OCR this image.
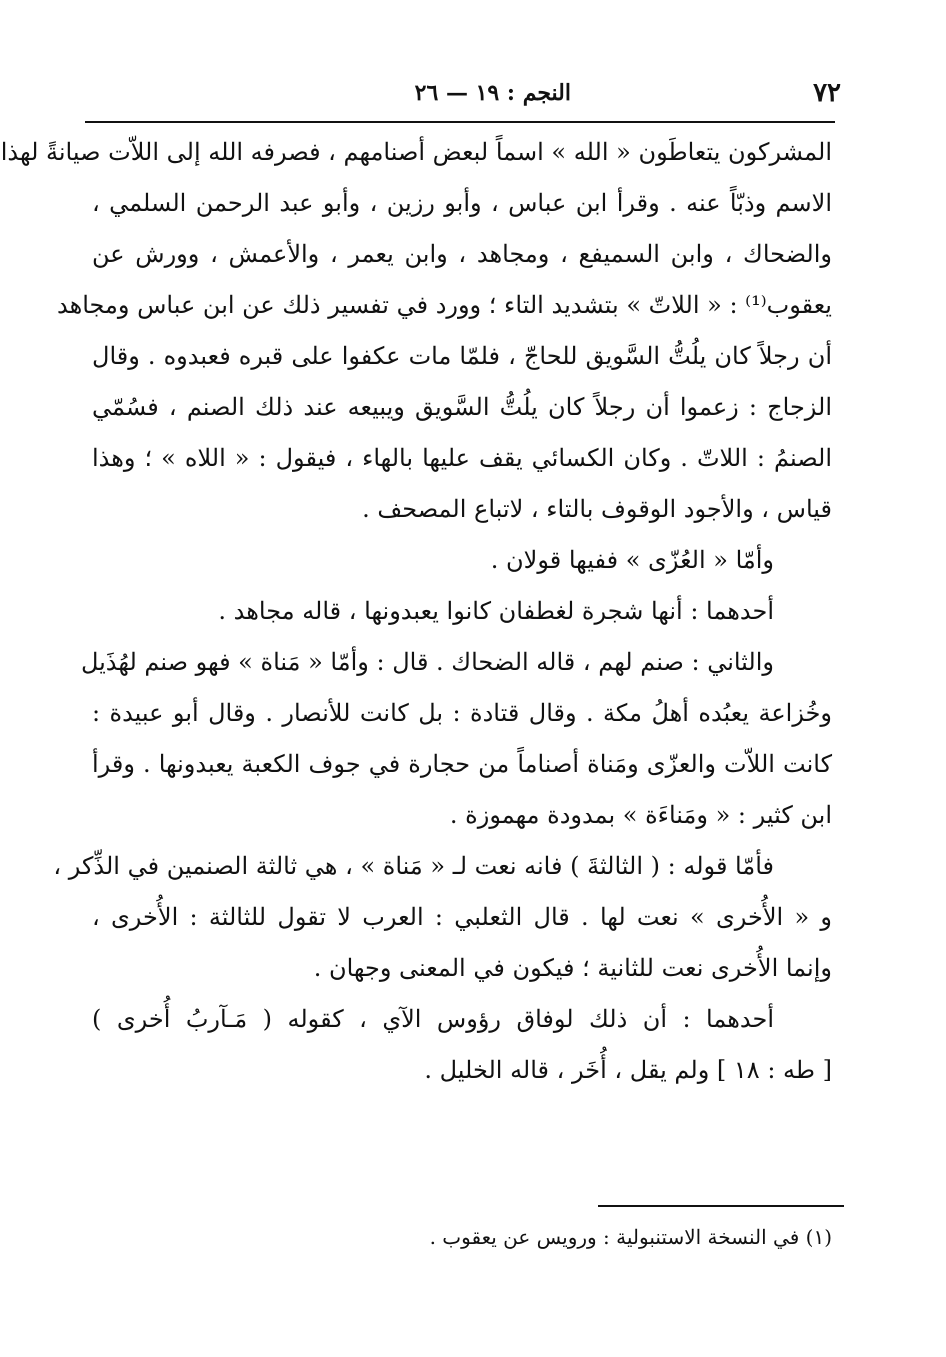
٧٢
النجم : ١٩ — ٢٦
المشركون يتعاطَون « الله » اسماً لبعض أصنامهم ، فصرفه الله إلى اللاّت صيانةً لهذا
الاسم وذبّاً عنه . وقرأ ابن عباس ، وأبو رزين ، وأبو عبد الرحمن السلمي ،
والضحاك ، وابن السميفع ، ومجاهد ، وابن يعمر ، والأعمش ، وورش عن
يعقوب⁽¹⁾ : « اللاتّ » بتشديد التاء ؛ وورد في تفسير ذلك عن ابن عباس ومجاهد
أن رجلاً كان يلُتُّ السَّويق للحاجّ ، فلمّا مات عكفوا على قبره فعبدوه . وقال
الزجاج : زعموا أن رجلاً كان يلُتُّ السَّويق ويبيعه عند ذلك الصنم ، فسُمّي
الصنمُ : اللاتّ . وكان الكسائي يقف عليها بالهاء ، فيقول : « اللاه » ؛ وهذا
قياس ، والأجود الوقوف بالتاء ، لاتباع المصحف .
وأمّا « العُزّى » ففيها قولان .
أحدهما : أنها شجرة لغطفان كانوا يعبدونها ، قاله مجاهد .
والثاني : صنم لهم ، قاله الضحاك . قال : وأمّا « مَناة » فهو صنم لهُذَيل
وخُزاعة يعبُده أهلُ مكة . وقال قتادة : بل كانت للأنصار . وقال أبو عبيدة :
كانت اللاّت والعزّى ومَناة أصناماً من حجارة في جوف الكعبة يعبدونها . وقرأ
ابن كثير : « ومَناءَة » بمدودة مهموزة .
فأمّا قوله : ( الثالثةَ ) فانه نعت لـ « مَناة » ، هي ثالثة الصنمين في الذِّكر ،
و « الأُخرى » نعت لها . قال الثعلبي : العرب لا تقول للثالثة : الأُخرى ،
وإنما الأُخرى نعت للثانية ؛ فيكون في المعنى وجهان .
أحدهما : أن ذلك لوفاق رؤوس الآي ، كقوله ( مَـآربُ أُخرى )
[ طه : ١٨ ] ولم يقل ، أُخَر ، قاله الخليل .
(١) في النسخة الاستنبولية : ورويس عن يعقوب .
